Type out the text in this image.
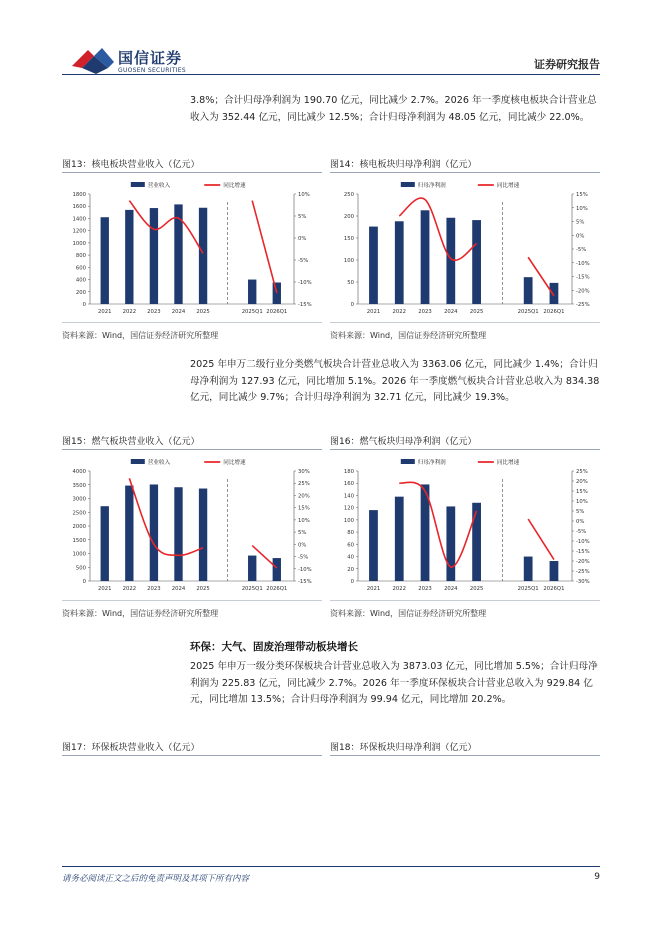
国信证券
GUOSEN SECURITIES	证券研究报告
3.8%；合计归母净利润为 190.70 亿元，同比减少 2.7%。2026 年一季度核电板块合计营业总收入为 352.44 亿元，同比减少 12.5%；合计归母净利润为 48.05 亿元，同比减少 22.0%。
图13：核电板块营业收入（亿元）	图14：核电板块归母净利润（亿元）
0
200
400
600
800
1000
1200
1400
1600
1800	10%
5%
0%
-5%
-10%
-15%
2021 2022 2023 2024 2025	2025Q1 2026Q1
营业收入	同比增速
0
50
100
150
200
250	15%
10%
5%
0%
-5%
-10%
-15%
-20%
-25%
2021 2022 2023 2024 2025	2025Q1 2026Q1
归母净利润	同比增速
资料来源：Wind，国信证券经济研究所整理	资料来源：Wind，国信证券经济研究所整理
2025 年申万二级行业分类燃气板块合计营业总收入为 3363.06 亿元，同比减少 1.4%；合计归母净利润为 127.93 亿元，同比增加 5.1%。2026 年一季度燃气板块合计营业总收入为 834.38 亿元，同比减少 9.7%；合计归母净利润为 32.71 亿元，同比减少 19.3%。
图15：燃气板块营业收入（亿元）	图16：燃气板块归母净利润（亿元）
0
500
1000
1500
2000
2500
3000
3500
4000	30%
25%
20%
15%
10%
5%
0%
-5%
-10%
-15%
2021 2022 2023 2024 2025	2025Q1 2026Q1
营业收入	同比增速
0
20
40
60
80
100
120
140
160
180	25%
20%
15%
10%
5%
0%
-5%
-10%
-15%
-20%
-25%
-30%
2021 2022 2023 2024 2025	2025Q1 2026Q1
归母净利润	同比增速
资料来源：Wind，国信证券经济研究所整理	资料来源：Wind，国信证券经济研究所整理
环保：大气、固废治理带动板块增长
2025 年申万一级分类环保板块合计营业总收入为 3873.03 亿元，同比增加 5.5%；合计归母净利润为 225.83 亿元，同比减少 2.7%。2026 年一季度环保板块合计营业总收入为 929.84 亿元，同比增加 13.5%；合计归母净利润为 99.94 亿元，同比增加 20.2%。
图17：环保板块营业收入（亿元）	图18：环保板块归母净利润（亿元）
请务必阅读正文之后的免责声明及其项下所有内容	9
